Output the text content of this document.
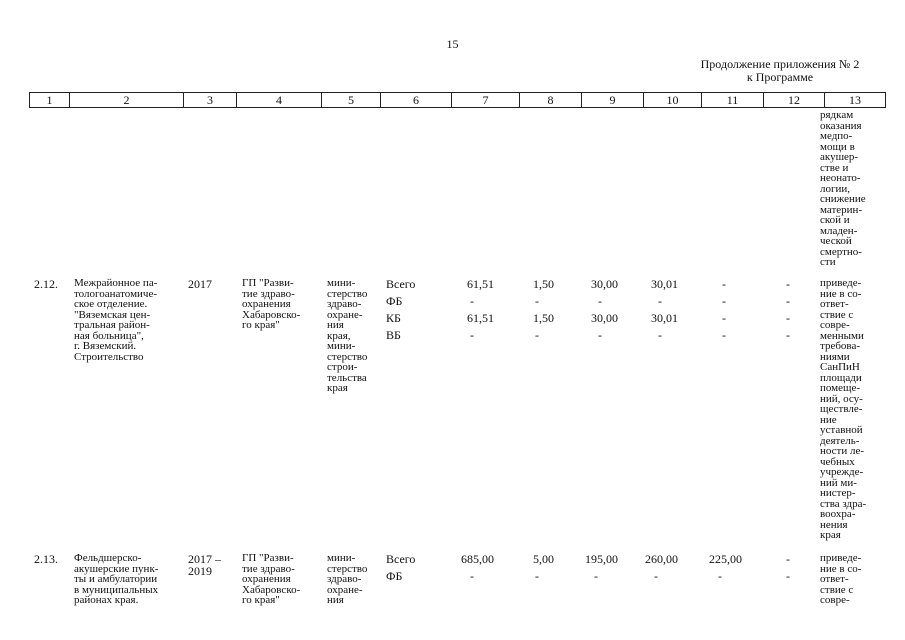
15
Продолжение приложения № 2
к Программе
1	2	3	4	5	6	7	8	9	10	11	12	13
рядкам
оказания
медпо-
мощи в
акушер-
стве и
неонато-
логии,
снижение
материн-
ской и
младен-
ческой
смертно-
сти
2.12. Межрайонное па-
тологоанатомиче-
ское отделение.
"Вяземская цен-
тральная район-
ная больница",
г. Вяземский.
Строительство
2017	ГП "Разви-
тие здраво-
охранения
Хабаровско-
го края"
мини-
стерство
здраво-
охране-
ния
края,
мини-
стерство
строи-
тельства
края
Всего
ФБ
КБ
ВБ
61,51
-
61,51
-
1,50
-
1,50
-
30,00
-
30,00
-
30,01
-
30,01
-
-
-
-
-
-
-
-
-
приведе-
ние в со-
ответ-
ствие с
совре-
менными
требова-
ниями
СанПиН
площади
помеще-
ний, осу-
ществле-
ние
уставной
деятель-
ности ле-
чебных
учрежде-
ний ми-
нистер-
ства здра-
воохра-
нения
края
2.13. Фельдшерско-
акушерские пунк-
ты и амбулатории
в муниципальных
районах края.
2017 –
2019
ГП "Разви-
тие здраво-
охранения
Хабаровско-
го края"
мини-
стерство
здраво-
охране-
ния
Всего
ФБ
685,00
-
5,00
-
195,00
-
260,00
-
225,00
-
-
-
приведе-
ние в со-
ответ-
ствие с
совре-
